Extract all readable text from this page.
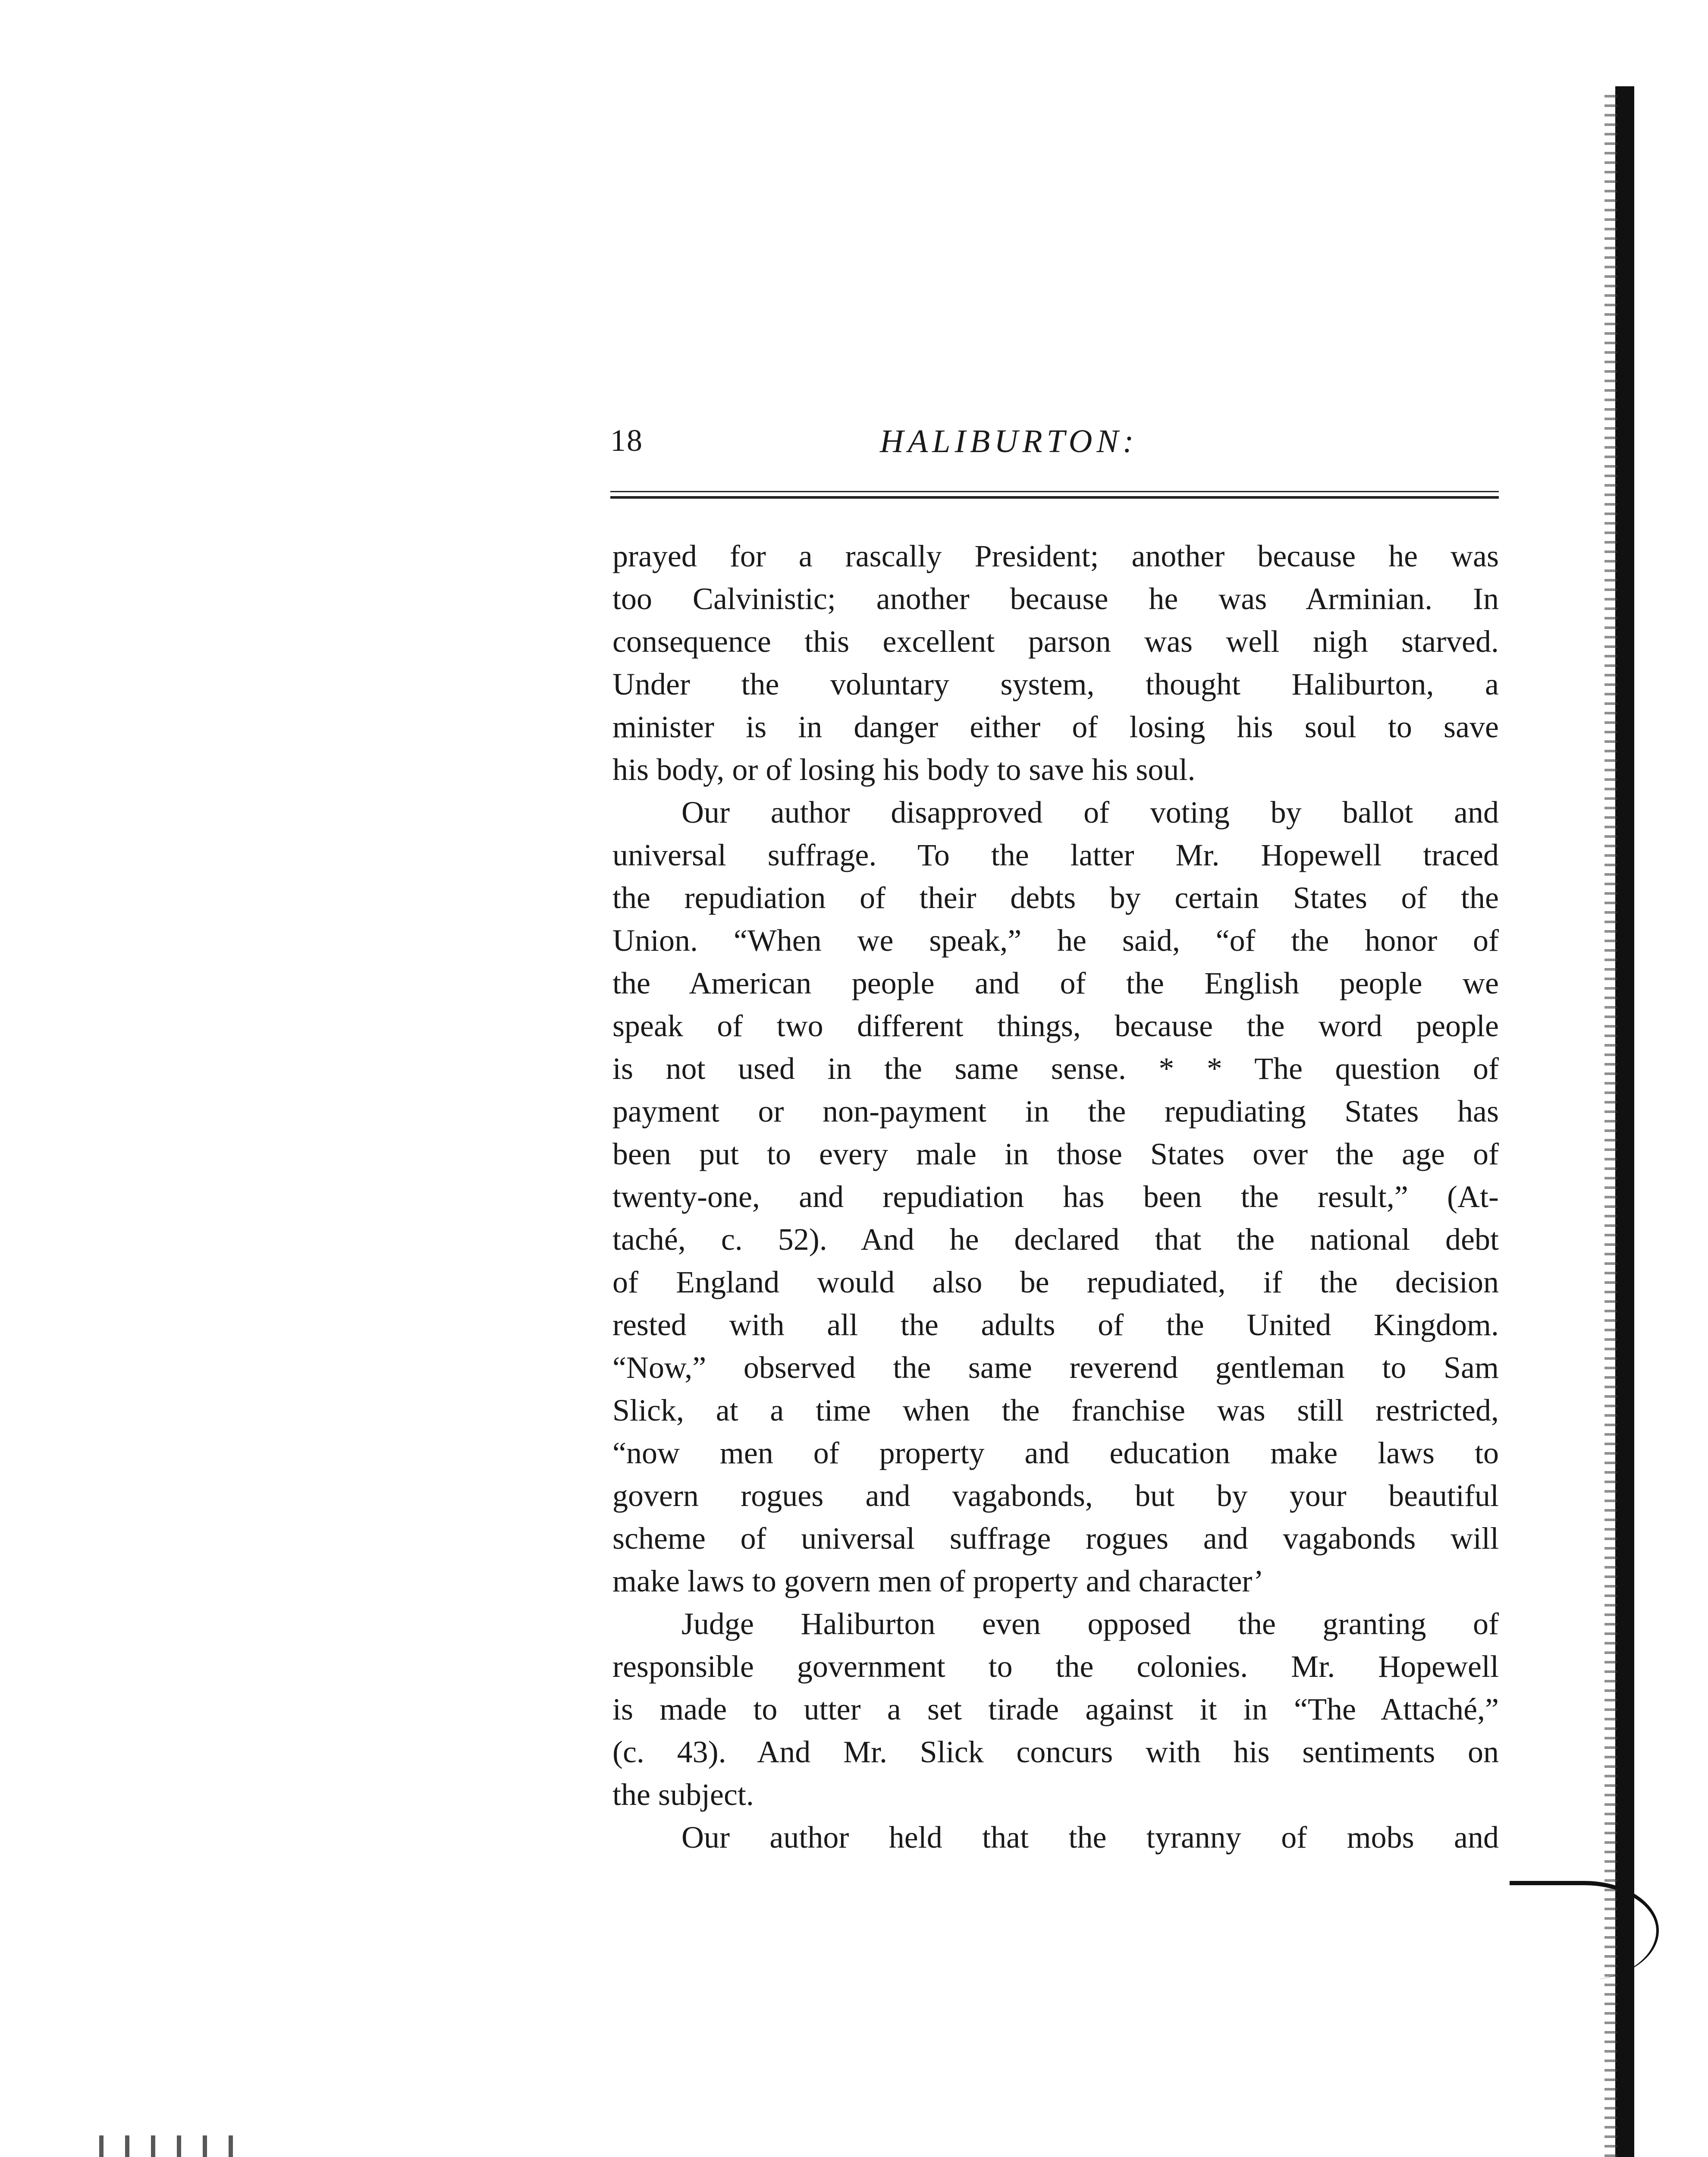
18	HALIBURTON:
prayed for a rascally President; another because he was
too Calvinistic; another because he was Arminian. In
consequence this excellent parson was well nigh starved.
Under the voluntary system, thought Haliburton, a
minister is in danger either of losing his soul to save
his body, or of losing his body to save his soul.
Our author disapproved of voting by ballot and
universal suffrage. To the latter Mr. Hopewell traced
the repudiation of their debts by certain States of the
Union. “When we speak,” he said, “of the honor of
the American people and of the English people we
speak of two different things, because the word people
is not used in the same sense. * * The question of
payment or non-payment in the repudiating States has
been put to every male in those States over the age of
twenty-one, and repudiation has been the result,” (At-
taché, c. 52). And he declared that the national debt
of England would also be repudiated, if the decision
rested with all the adults of the United Kingdom.
“Now,” observed the same reverend gentleman to Sam
Slick, at a time when the franchise was still restricted,
“now men of property and education make laws to
govern rogues and vagabonds, but by your beautiful
scheme of universal suffrage rogues and vagabonds will
make laws to govern men of property and character’
Judge Haliburton even opposed the granting of
responsible government to the colonies. Mr. Hopewell
is made to utter a set tirade against it in “The Attaché,”
(c. 43). And Mr. Slick concurs with his sentiments on
the subject.
Our author held that the tyranny of mobs and
